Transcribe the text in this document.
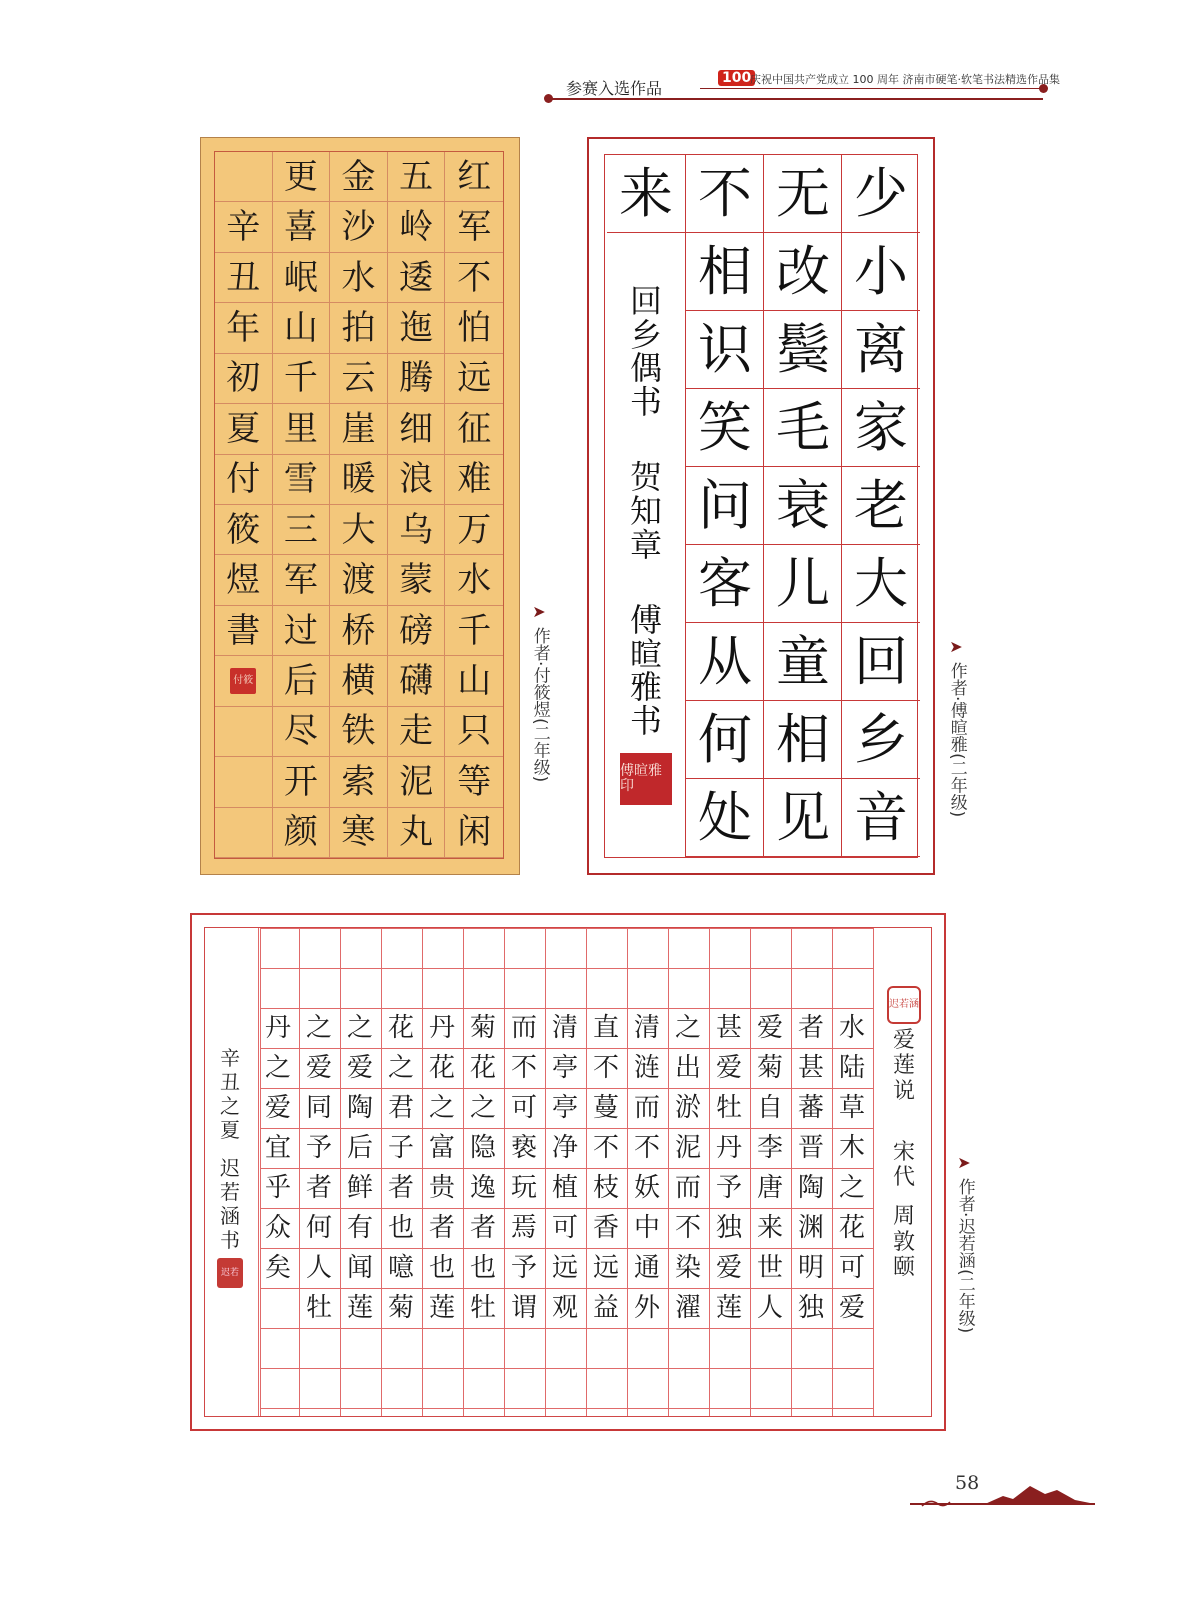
参赛入选作品
100
庆祝中国共产党成立 100 周年 济南市硬笔·软笔书法精选作品集
更 金 五 红
辛 喜 沙 岭 军
丑 岷 水 逶 不
年 山 拍 迤 怕
初 千 云 腾 远
夏 里 崖 细 征
付 雪 暖 浪 难
筱 三 大 乌 万
煜 军 渡 蒙 水
書 过 桥 磅 千
付筱 后 横 礴 山
尽 铁 走 只
开 索 泥 等
颜 寒 丸 闲
➤
作者·付筱煜
(二年级)
少
小
离
家
老
大
回
乡
音
无
改
鬓
毛
衰
儿
童
相
见
不
相
识
笑
问
客
从
何
处
来
回
乡
偶
书
贺
知
章
傅
暄
雅
书
傅暄雅印
➤
作者·傅暄雅
(二年级)
水
陆
草
木
之
花
可
爱
者
甚
蕃
晋
陶
渊
明
独
爱
菊
自
李
唐
来
世
人
甚
爱
牡
丹
予
独
爱
莲
之
出
淤
泥
而
不
染
濯
清
涟
而
不
妖
中
通
外
直
不
蔓
不
枝
香
远
益
清
亭
亭
净
植
可
远
观
而
不
可
亵
玩
焉
予
谓
菊
花
之
隐
逸
者
也
牡
丹
花
之
富
贵
者
也
莲
花
之
君
子
者
也
噫
菊
之
爱
陶
后
鲜
有
闻
莲
之
爱
同
予
者
何
人
牡
丹
之
爱
宜
乎
众
矣
迟若涵
爱
莲
说
宋
代
周
敦
颐
辛
丑
之
夏
迟
若
涵
书
迟若
➤
作者·迟若涵
(二年级)
58
